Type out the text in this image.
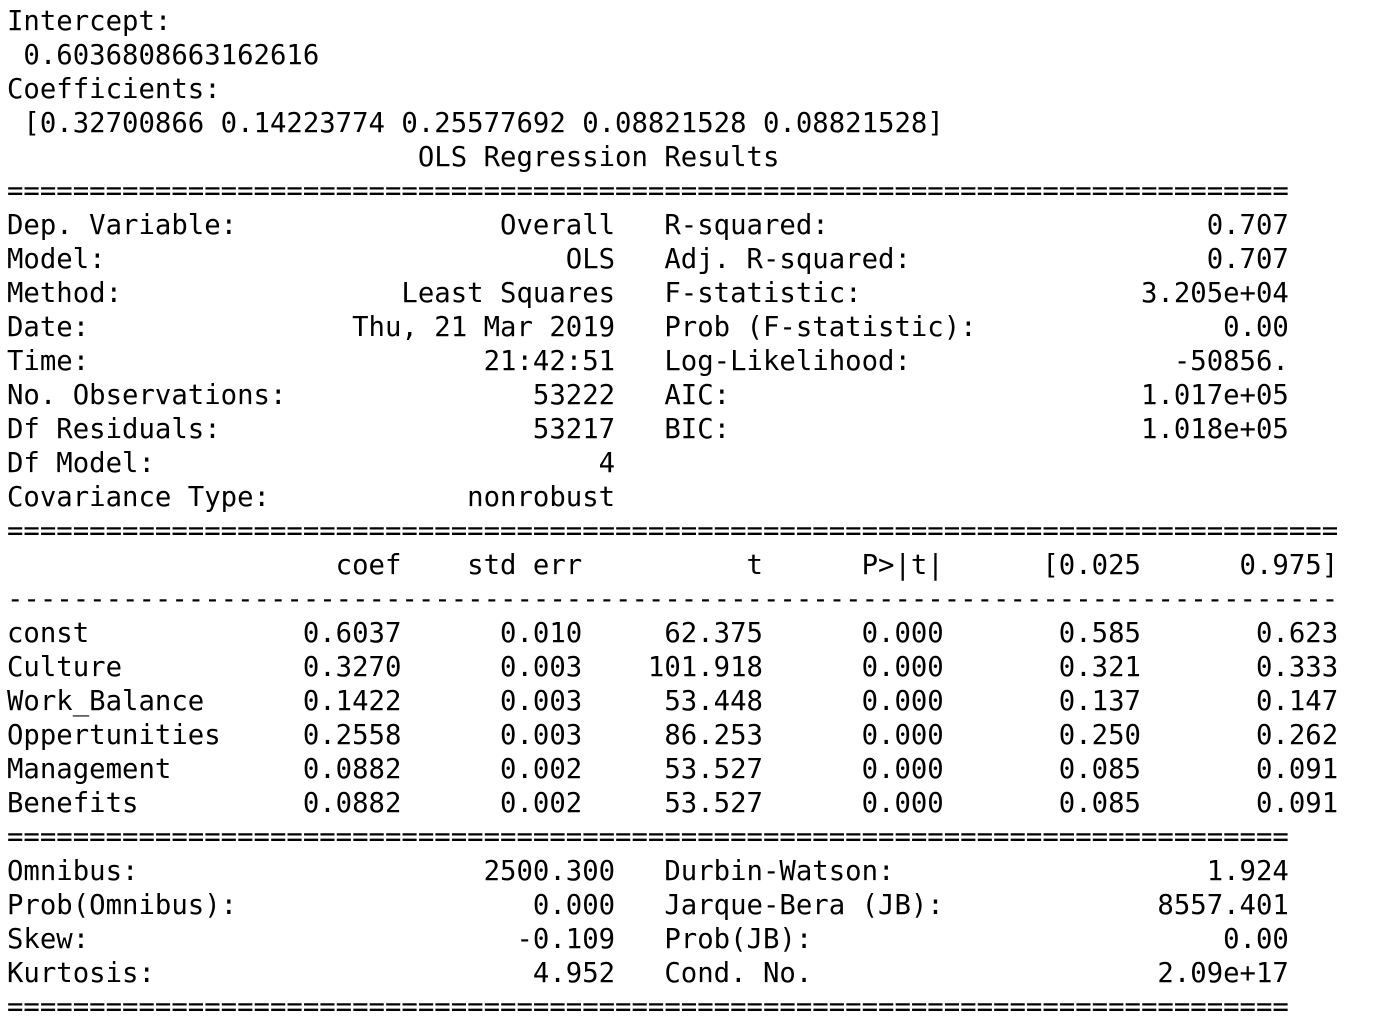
Intercept:
0.6036808663162616
Coefficients:
[0.32700866 0.14223774 0.25577692 0.08821528 0.08821528]
OLS Regression Results
==============================================================================
Dep. Variable:                Overall   R-squared:                       0.707
Model:                            OLS   Adj. R-squared:                  0.707
Method:                 Least Squares   F-statistic:                 3.205e+04
Date:                Thu, 21 Mar 2019   Prob (F-statistic):               0.00
Time:                        21:42:51   Log-Likelihood:                -50856.
No. Observations:               53222   AIC:                         1.017e+05
Df Residuals:                   53217   BIC:                         1.018e+05
Df Model:                           4
Covariance Type:            nonrobust
=================================================================================
coef    std err          t      P>|t|      [0.025      0.975]
---------------------------------------------------------------------------------
const             0.6037      0.010     62.375      0.000       0.585       0.623
Culture           0.3270      0.003    101.918      0.000       0.321       0.333
Work_Balance      0.1422      0.003     53.448      0.000       0.137       0.147
Oppertunities     0.2558      0.003     86.253      0.000       0.250       0.262
Management        0.0882      0.002     53.527      0.000       0.085       0.091
Benefits          0.0882      0.002     53.527      0.000       0.085       0.091
==============================================================================
Omnibus:                     2500.300   Durbin-Watson:                   1.924
Prob(Omnibus):                  0.000   Jarque-Bera (JB):             8557.401
Skew:                          -0.109   Prob(JB):                         0.00
Kurtosis:                       4.952   Cond. No.                     2.09e+17
==============================================================================
